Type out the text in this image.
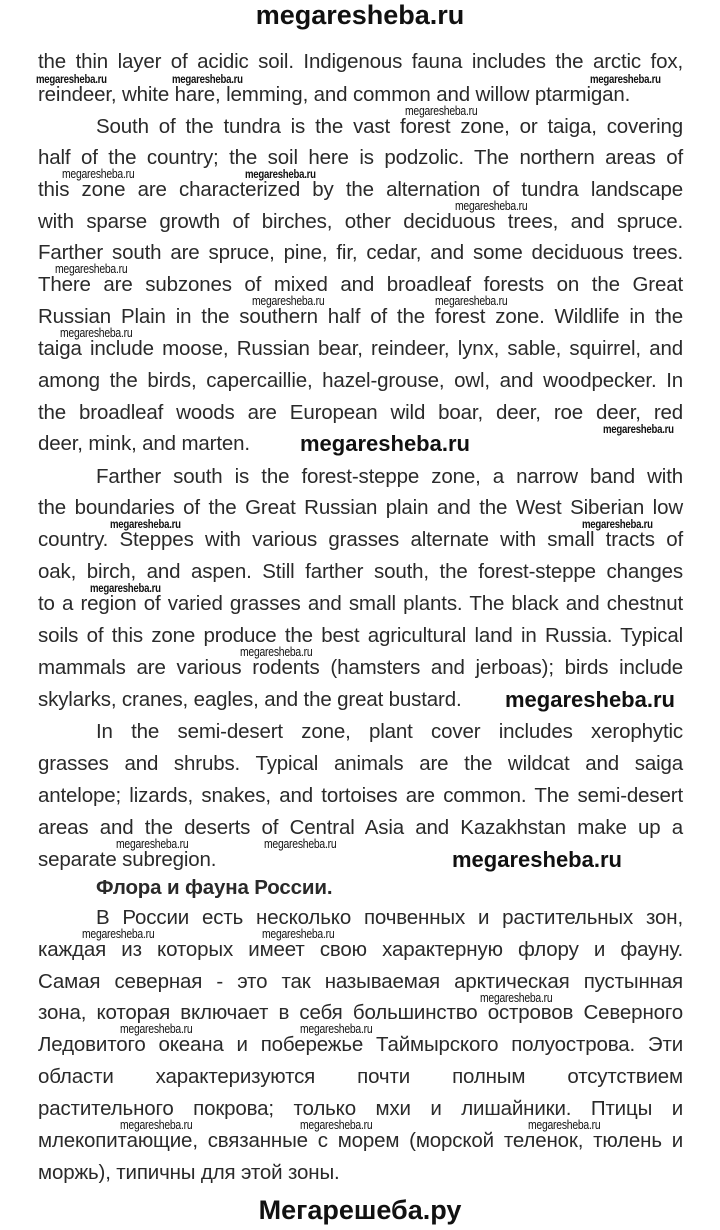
megaresheba.ru
the thin layer of acidic soil. Indigenous fauna includes the arctic fox,
reindeer, white hare, lemming, and common and willow ptarmigan.
South of the tundra is the vast forest zone, or taiga, covering
half of the country; the soil here is podzolic. The northern areas of
this zone are characterized by the alternation of tundra landscape
with sparse growth of birches, other deciduous trees, and spruce.
Farther south are spruce, pine, fir, cedar, and some deciduous trees.
There are subzones of mixed and broadleaf forests on the Great
Russian Plain in the southern half of the forest zone. Wildlife in the
taiga include moose, Russian bear, reindeer, lynx, sable, squirrel, and
among the birds, capercaillie, hazel-grouse, owl, and woodpecker. In
the broadleaf woods are European wild boar, deer, roe deer, red
deer, mink, and marten.
Farther south is the forest-steppe zone, a narrow band with
the boundaries of the Great Russian plain and the West Siberian low
country. Steppes with various grasses alternate with small tracts of
oak, birch, and aspen. Still farther south, the forest-steppe changes
to a region of varied grasses and small plants. The black and chestnut
soils of this zone produce the best agricultural land in Russia. Typical
mammals are various rodents (hamsters and jerboas); birds include
skylarks, cranes, eagles, and the great bustard.
In the semi-desert zone, plant cover includes xerophytic
grasses and shrubs. Typical animals are the wildcat and saiga
antelope; lizards, snakes, and tortoises are common. The semi-desert
areas and the deserts of Central Asia and Kazakhstan make up a
separate subregion.
Флора и фауна России.
В России есть несколько почвенных и растительных зон,
каждая из которых имеет свою характерную флору и фауну.
Самая северная - это так называемая арктическая пустынная
зона, которая включает в себя большинство островов Северного
Ледовитого океана и побережье Таймырского полуострова. Эти
области характеризуются почти полным отсутствием
растительного покрова; только мхи и лишайники. Птицы и
млекопитающие, связанные с морем (морской теленок, тюлень и
моржь), типичны для этой зоны.
megaresheba.ru	megaresheba.ru	megaresheba.ru
megaresheba.ru
megaresheba.ru	megaresheba.ru
megaresheba.ru
megaresheba.ru
megaresheba.ru	megaresheba.ru
megaresheba.ru
megaresheba.ru
megaresheba.ru
megaresheba.ru	megaresheba.ru
megaresheba.ru
megaresheba.ru
megaresheba.ru
megaresheba.ru	megaresheba.ru
megaresheba.ru
megaresheba.ru	megaresheba.ru
megaresheba.ru
megaresheba.ru	megaresheba.ru
megaresheba.ru	megaresheba.ru	megaresheba.ru
Мегарешеба.ру
